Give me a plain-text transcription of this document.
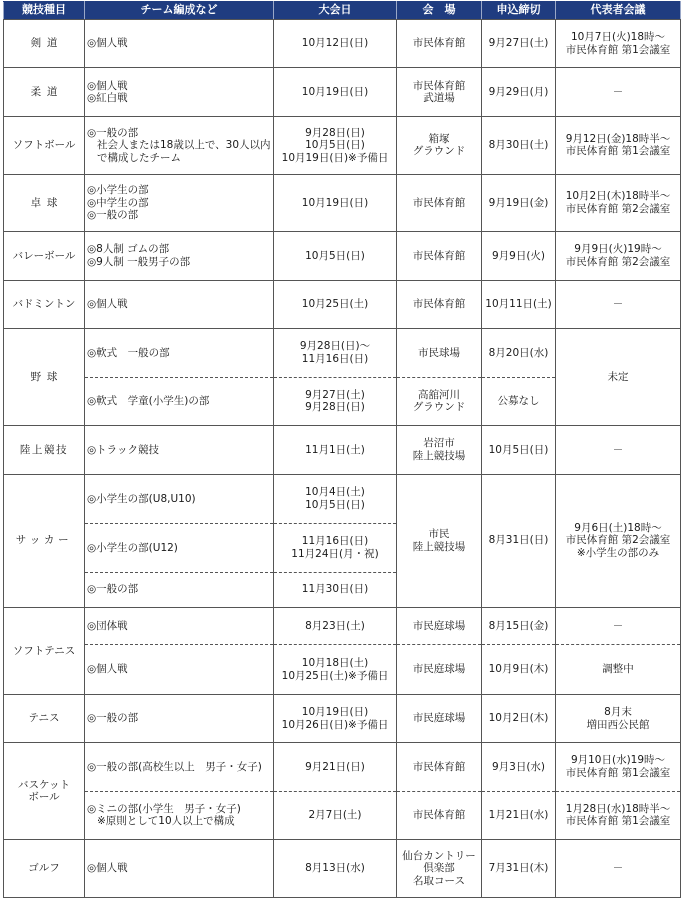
競技種目	チーム編成など	大会日	会　場	申込締切	代表者会議
剣道	◎個人戦	10月12日(日)	市民体育館	9月27日(土)	10月7日(火)18時～
市民体育館 第1会議室

柔道	◎個人戦
◎紅白戦	10月19日(日)	市民体育館
武道場	9月29日(月)	－

ソフトボール	◎一般の部
社会人または18歳以上で、30人以内で構成したチーム	9月28日(日)
10月5日(日)
10月19日(日)※予備日	箱塚
グラウンド	8月30日(土)	9月12日(金)18時半～
市民体育館 第1会議室

卓球	◎小学生の部
◎中学生の部
◎一般の部	10月19日(日)	市民体育館	9月19日(金)	10月2日(木)18時半～
市民体育館 第2会議室

バレーボール	◎8人制 ゴムの部
◎9人制 一般男子の部	10月5日(日)	市民体育館	9月9日(火)	9月9日(火)19時～
市民体育館 第2会議室

バドミントン	◎個人戦	10月25日(土)	市民体育館	10月11日(土)	－

野球	◎軟式　一般の部	9月28日(日)～
11月16日(日)	市民球場	8月20日(水)	未定

	◎軟式　学童(小学生)の部	9月27日(土)
9月28日(日)	高舘河川
グラウンド	公募なし	
陸上競技	◎トラック競技	11月1日(土)	岩沼市
陸上競技場	10月5日(日)	－

サッカー	◎小学生の部(U8,U10)	10月4日(土)
10月5日(日)	市民
陸上競技場	8月31日(日)	9月6日(土)18時～
市民体育館 第2会議室
※小学生の部のみ

	◎小学生の部(U12)	11月16日(日)
11月24日(月・祝)			

	◎一般の部	11月30日(日)			

ソフトテニス	◎団体戦	8月23日(土)	市民庭球場	8月15日(金)	－

	◎個人戦	10月18日(土)
10月25日(土)※予備日	市民庭球場	10月9日(木)	調整中

テニス	◎一般の部	10月19日(日)
10月26日(日)※予備日	市民庭球場	10月2日(木)	8月末
増田西公民館

バスケット
ボール	◎一般の部(高校生以上　男子・女子)	9月21日(日)	市民体育館	9月3日(水)	9月10日(水)19時～
市民体育館 第1会議室

	◎ミニの部(小学生　男子・女子)
※原則として10人以上で構成	2月7日(土)	市民体育館	1月21日(水)	1月28日(水)18時半～
市民体育館 第1会議室

ゴルフ	◎個人戦	8月13日(水)	仙台カントリー
倶楽部
名取コース	7月31日(木)	－
